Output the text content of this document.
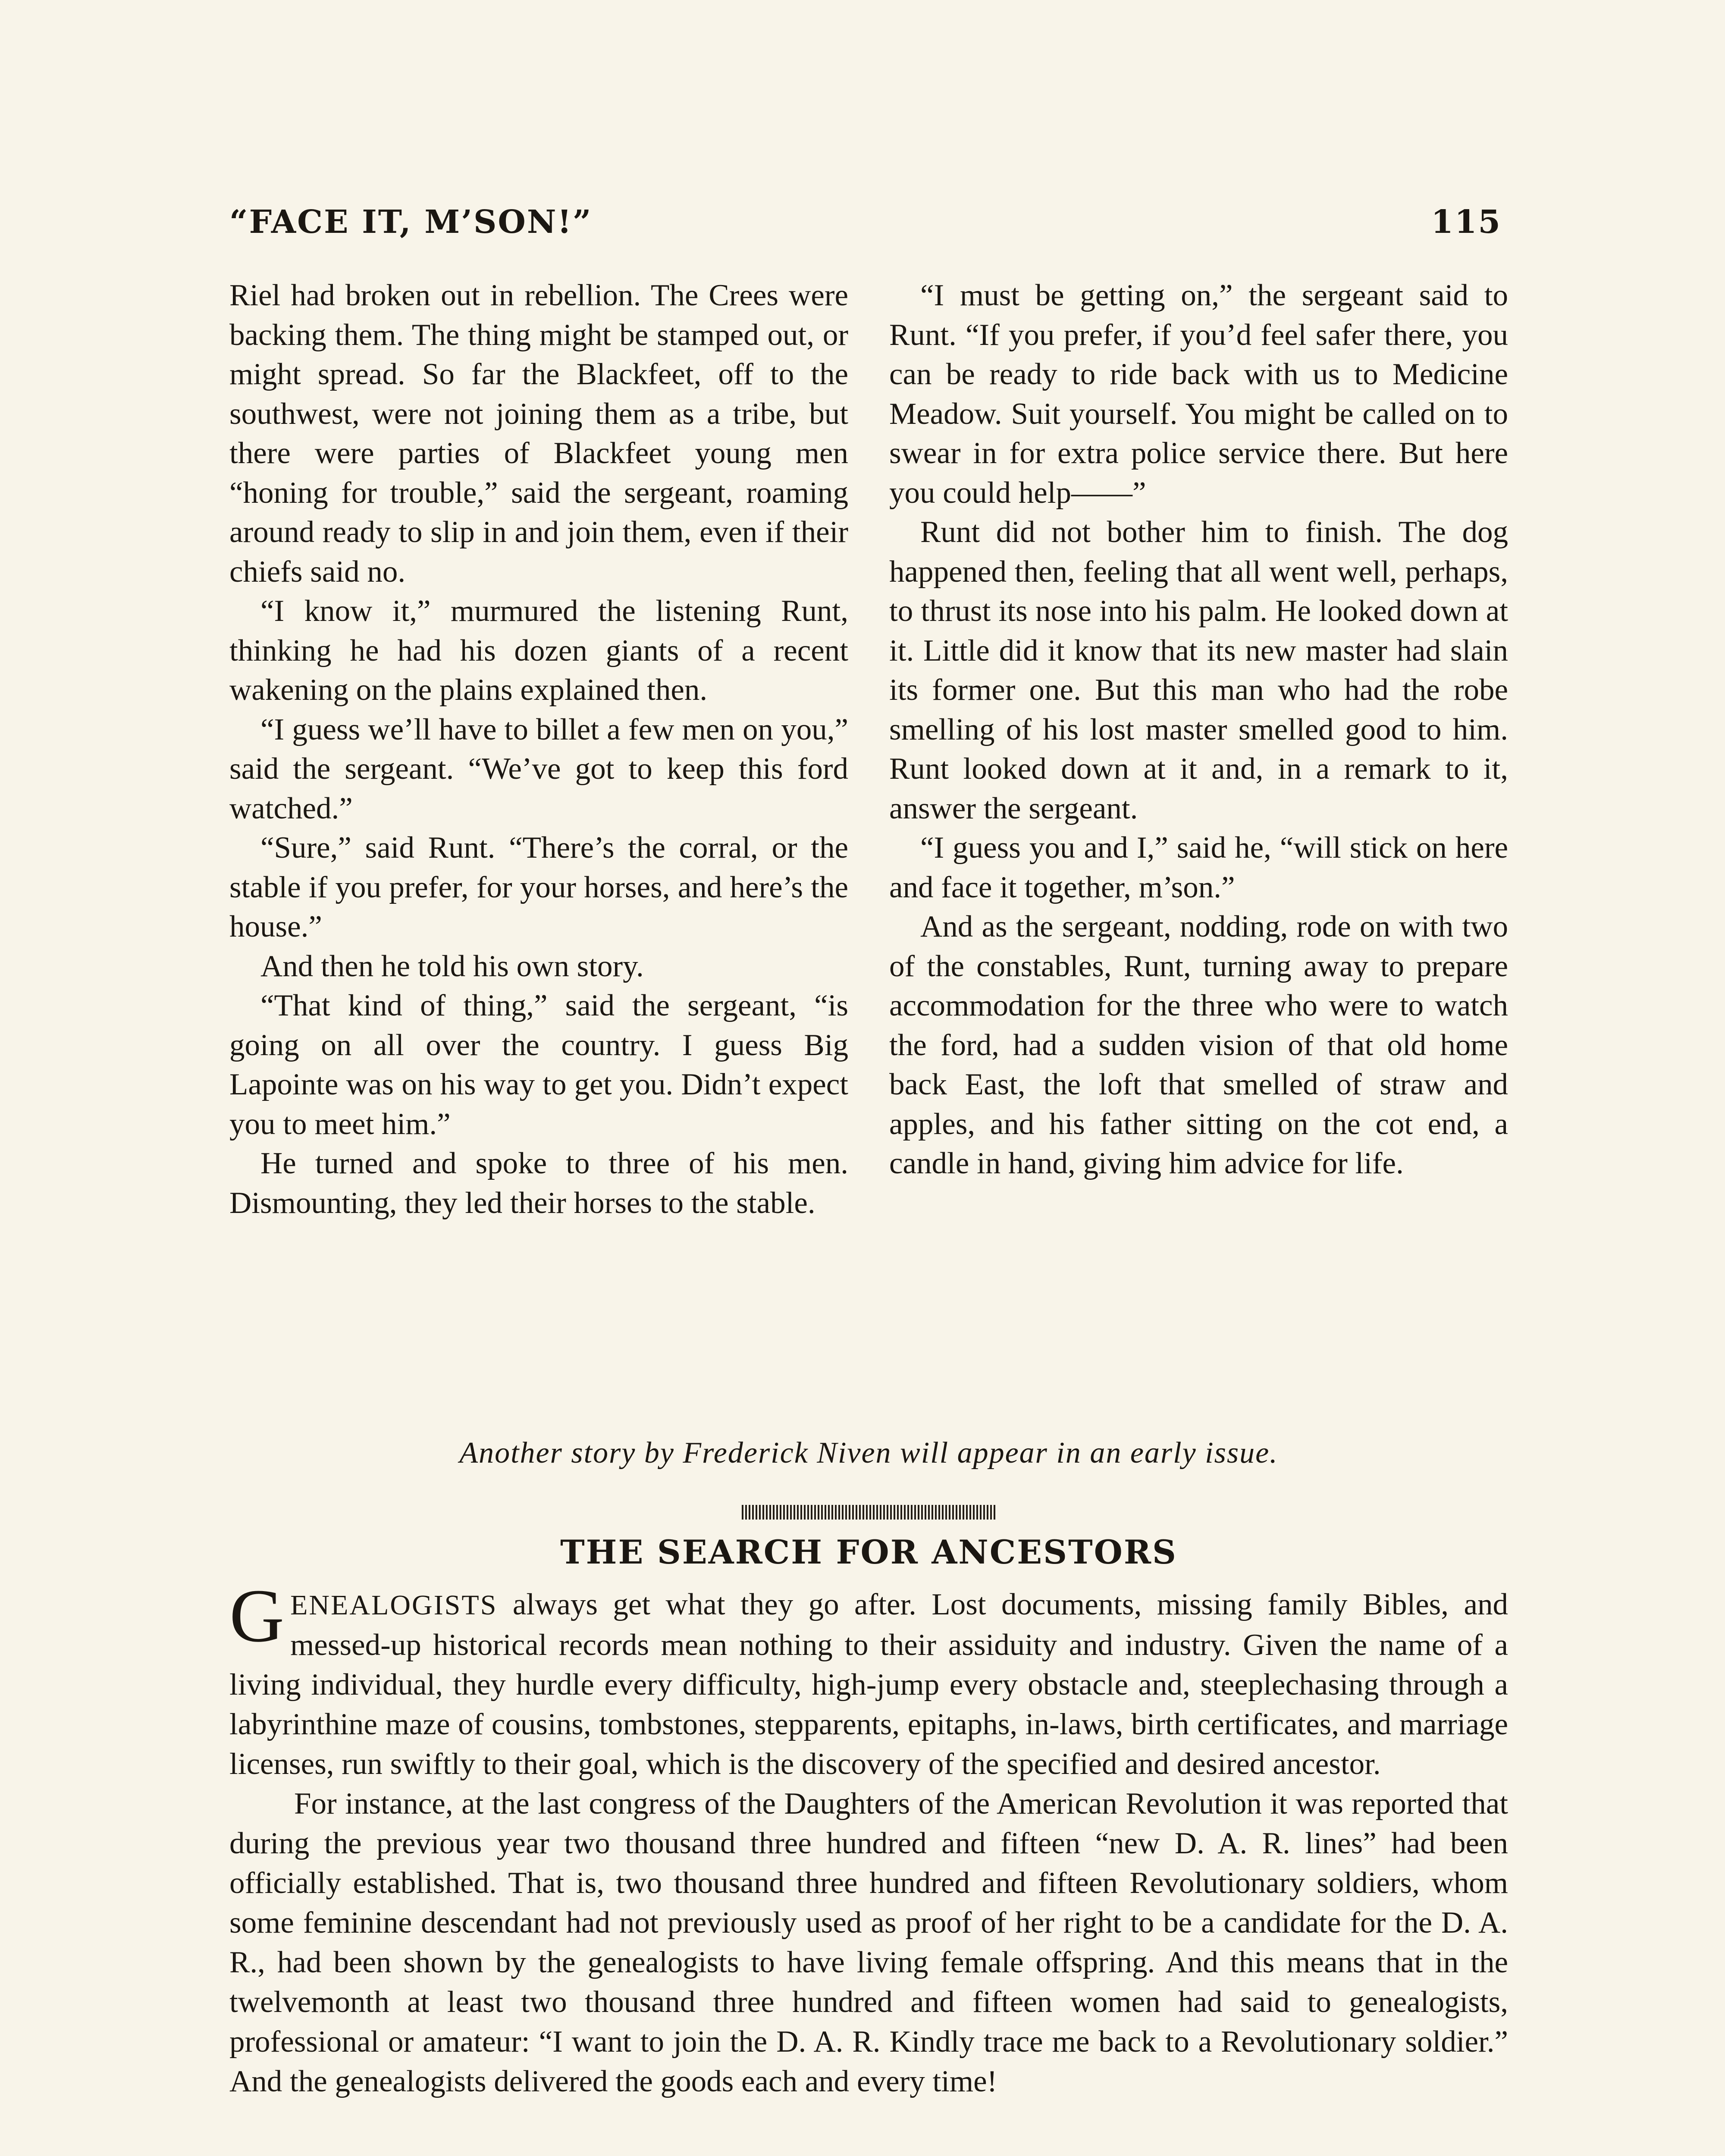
“FACE IT, M’SON!”	115

Riel had broken out in rebellion. The Crees were backing them. The thing might be stamped out, or might spread. So far the Blackfeet, off to the southwest, were not joining them as a tribe, but there were parties of Blackfeet young men “honing for trouble,” said the sergeant, roaming around ready to slip in and join them, even if their chiefs said no.

“I know it,” murmured the listening Runt, thinking he had his dozen giants of a recent wakening on the plains explained then.

“I guess we’ll have to billet a few men on you,” said the sergeant. “We’ve got to keep this ford watched.”

“Sure,” said Runt. “There’s the corral, or the stable if you prefer, for your horses, and here’s the house.”

And then he told his own story.

“That kind of thing,” said the sergeant, “is going on all over the country. I guess Big Lapointe was on his way to get you. Didn’t expect you to meet him.”

He turned and spoke to three of his men. Dismounting, they led their horses to the stable.

“I must be getting on,” the sergeant said to Runt. “If you prefer, if you’d feel safer there, you can be ready to ride back with us to Medicine Meadow. Suit yourself. You might be called on to swear in for extra police service there. But here you could help——”

Runt did not bother him to finish. The dog happened then, feeling that all went well, perhaps, to thrust its nose into his palm. He looked down at it. Little did it know that its new master had slain its former one. But this man who had the robe smelling of his lost master smelled good to him. Runt looked down at it and, in a remark to it, answer the sergeant.

“I guess you and I,” said he, “will stick on here and face it together, m’son.”

And as the sergeant, nodding, rode on with two of the constables, Runt, turning away to prepare accommodation for the three who were to watch the ford, had a sudden vision of that old home back East, the loft that smelled of straw and apples, and his father sitting on the cot end, a candle in hand, giving him advice for life.

Another story by Frederick Niven will appear in an early issue.
THE SEARCH FOR ANCESTORS

GENEALOGISTS always get what they go after. Lost documents, missing family Bibles, and messed-up historical records mean nothing to their assiduity and industry. Given the name of a living individual, they hurdle every difficulty, high-jump every obstacle and, steeplechasing through a labyrinthine maze of cousins, tombstones, stepparents, epitaphs, in-laws, birth certificates, and marriage licenses, run swiftly to their goal, which is the discovery of the specified and desired ancestor.

For instance, at the last congress of the Daughters of the American Revolution it was reported that during the previous year two thousand three hundred and fifteen “new D. A. R. lines” had been officially established. That is, two thousand three hundred and fifteen Revolutionary soldiers, whom some feminine descendant had not previously used as proof of her right to be a candidate for the D. A. R., had been shown by the genealogists to have living female offspring. And this means that in the twelvemonth at least two thousand three hundred and fifteen women had said to genealogists, professional or amateur: “I want to join the D. A. R. Kindly trace me back to a Revolutionary soldier.” And the genealogists delivered the goods each and every time!
